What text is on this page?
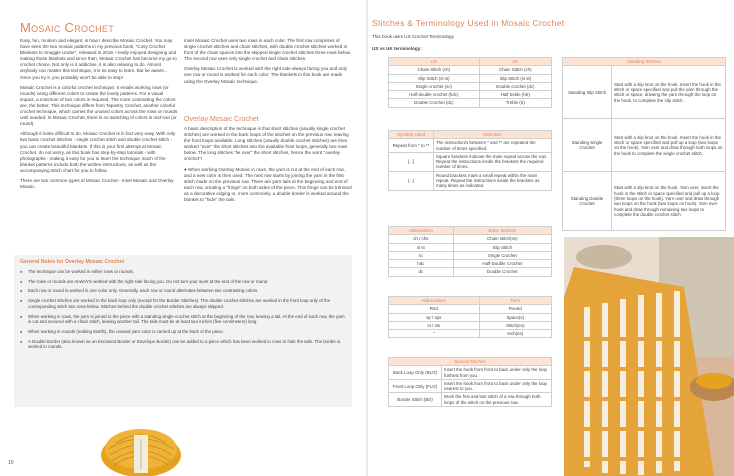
Mosaic Crochet

Easy, fun, modern and elegant, is how I describe Mosaic Crochet. You may have seen the two mosaic patterns in my previous book, "Cosy Crochet Blankets to Snuggle Under", released in 2019. I really enjoyed designing and making those blankets and since then, Mosaic Crochet has become my go-to crochet choice. Not only is it addictive, it is also relaxing to do. Almost anybody can master this technique, it is so easy to learn. But be aware... Once you try it, you probably won't be able to stop!

Mosaic Crochet is a colorful crochet technique. It entails working rows (or rounds) using different colors to create the lovely patterns. For a visual impact, a minimum of two colors is required. The more contrasting the colors are, the better. This technique differs from Tapestry Crochet, another colorful crochet technique, which carries the unused colors across the rows or rounds until needed. In Mosaic Crochet, there is no switching of colors in mid-row (or round).

Although it looks difficult to do, Mosaic Crochet is in fact very easy. With only two basic crochet stitches - single crochet stitch and double crochet stitch - you can create beautiful blankets. If this is your first attempt at Mosaic Crochet, do not worry, as this book has step-by-step tutorials - with photographs - making it easy for you to learn the technique. Each of the blanket patterns include both the written instructions, as well as the accompanying stitch chart for you to follow.

There are two common types of Mosaic Crochet - Inset Mosaic and Overlay Mosaic.

Inset Mosaic Crochet uses two rows in each color. The first row comprises of single crochet stitches and chain stitches, with double crochet stitches worked in front of the chain spaces into the skipped single crochet stitches three rows below. The second row uses only single crochet and chain stitches.

Overlay Mosaic Crochet is worked with the right side always facing you and only one row or round is worked for each color. The blankets in this book are made using the Overlay Mosaic technique.

Overlay Mosaic Crochet

A basic description of the technique is that short stitches (usually single crochet stitches) are worked in the back loops of the stitches on the previous row, leaving the front loops available. Long stitches (usually double crochet stitches) are then worked "over" the short stitches into the available front loops, generally two rows below. The long stitches "lie over" the short stitches, hence the word "overlay crochet"!

● When working Overlay Mosaic in rows, the yarn is cut at the end of each row, and a new color is then used. The next row starts by joining the yarn in the first stitch made on the previous row. There are yarn tails at the beginning and end of each row, creating a "fringe" on both sides of the piece. This fringe can be trimmed as a decorative edging or, more commonly, a double border is worked around the blanket to "hide" the tails.

General Notes for Overlay Mosaic Crochet
● The technique can be worked in either rows or rounds.
● The rows or rounds are ALWAYS worked with the right side facing you. Do not turn your work at the end of the row or round.
● Each row or round is worked in one color only. Generally, each row or round alternates between two contrasting colors.
● Single crochet stitches are worked in the back loop only (except for the Border Stitches). The double crochet stitches are worked in the front loop only of the corresponding stitch two rows below. Stitches behind the double crochet stitches are always skipped.
● When working in rows, the yarn is joined to the piece with a standing single crochet stitch at the beginning of the row, leaving a tail. At the end of each row, the yarn is cut and secured with a chain stitch, leaving another tail. The tails must be at least two inches (five centimeters) long.
● When working in rounds (making Motifs), the unused yarn color is carried up at the back of the piece.
● A Double Border (also known as an Enclosed Border or Envelope Border) can be added to a piece which has been worked in rows to hide the tails. The border is worked in rounds.
10
Stitches & Terminology Used in Mosaic Crochet
This book uses US Crochet Terminology
US vs UK terminology:
US	UK
Chain Stitch (ch)	Chain Stitch (ch)
Slip Stitch (sl st)	Slip Stitch (sl st)
Single crochet (sc)	Double crochet (dc)
Half-double crochet (hdc)	Half treble (htr)
Double Crochet (dc)	Treble (tr)
Symbols Used	Definition
Repeat from * to **	The instruction/s between * and ** are repeated the number of times specified.
[...]	Square brackets indicate the main repeat across the row. Repeat the instructions inside the brackets the required number of times.
(...)	Round brackets mark a small repeat within the main repeat. Repeat the instructions inside the brackets as many times as indicated.
Abbreviation	Basic Stitches
ch / chs	Chain stitch(es)
sl st	Slip Stitch
sc	Single Crochet
hdc	Half-Double Crochet
dc	Double Crochet
Abbreviation	Term
Rnd	Round
sp / sps	Space(s)
st / sts	Stitch(es)
"	Inch(es)
Special Stitches	
Back Loop Only (BLO)	Insert the hook from front to back under only the loop furthest from you.
Front Loop Only (FLO)	Insert the hook from front to back under only the loop nearest to you.
Border Stitch (BS)	Work the first and last stitch of a row through both loops of the stitch on the previous row.
Standing Stitches	
Standing Slip Stitch	Start with a slip knot on the hook. Insert the hook in the stitch or space specified and pull the yarn through the stitch or space, drawing the yarn through the loop on the hook, to complete the slip stitch.
Standing Single Crochet	Start with a slip knot on the hook. Insert the hook in the stitch or space specified and pull up a loop (two loops on the hook). Yarn over and draw through both loops on the hook to complete the single crochet stitch.
Standing Double Crochet	Start with a slip knot on the hook. Yarn over, insert the hook in the stitch or space specified and pull up a loop (three loops on the hook). Yarn over and draw through two loops on the hook (two loops on hook). Yarn over hook and draw through remaining two loops to complete the double crochet stitch.
